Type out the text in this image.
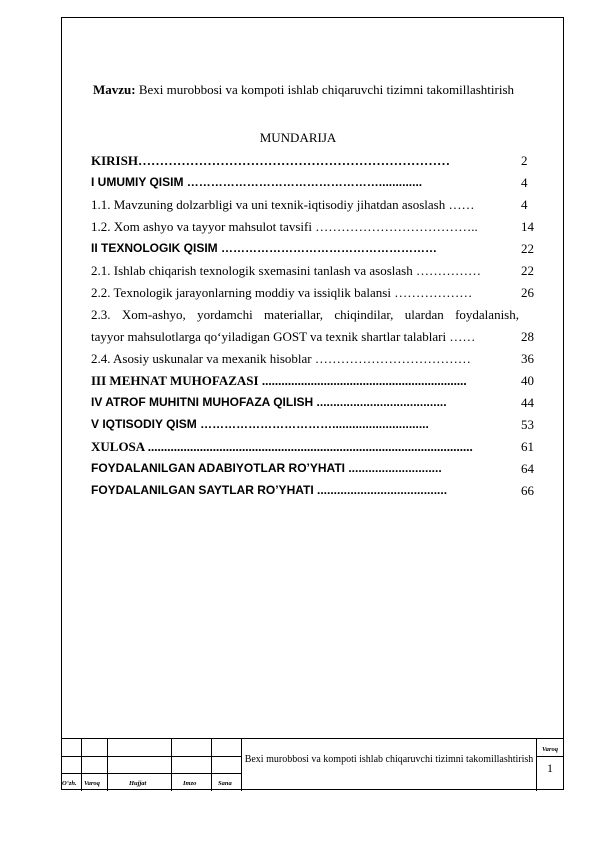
Mavzu: Bexi murobbosi va kompoti ishlab chiqaruvchi tizimni takomillashtirish
MUNDARIJA
KIRISH………………………………………………………………	2
I UMUMIY QISIM ………………………………………….............	4
1.1. Mavzuning dolzarbligi va uni texnik-iqtisodiy jihatdan asoslash ……	4
1.2. Xom ashyo va tayyor mahsulot tavsifi ………………………………..	14
II TEXNOLOGIK QISIM ………………………………………………	22
2.1. Ishlab chiqarish texnologik sxemasini tanlash va asoslash ……………	22
2.2. Texnologik jarayonlarning moddiy va issiqlik balansi ………………	26
2.3. Xom-ashyo, yordamchi materiallar, chiqindilar, ulardan foydalanish,
tayyor mahsulotlarga qo‘yiladigan GOST va texnik shartlar talablari ……	28
2.4. Asosiy uskunalar va mexanik hisoblar ………………………………	36
III MEHNAT MUHOFAZASI ...............................................................	40
IV ATROF MUHITNI MUHOFAZA QILISH .......................................	44
V IQTISODIY QISM …………………………….............................	53
XULOSA ....................................................................................................	61
FOYDALANILGAN ADABIYOTLAR RO’YHATI ............................	64
FOYDALANILGAN SAYTLAR RO’YHATI .......................................	66
O‘zh. Varoq	Hujjat	Imzo	Sana
Bexi murobbosi va kompoti ishlab chiqaruvchi tizimni takomillashtirish
Varoq
1
